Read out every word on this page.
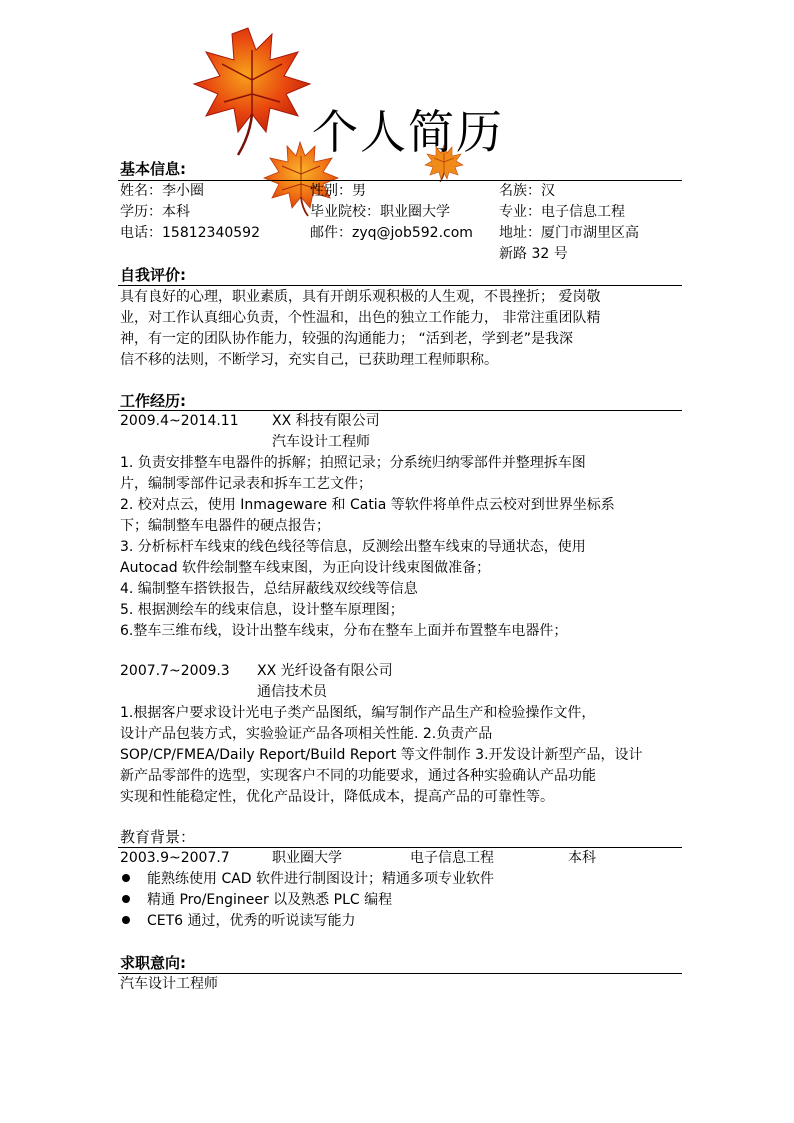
个人简历
基本信息:
姓名：李小圈	性别：男	名族：汉
学历：本科	毕业院校：职业圈大学	专业：电子信息工程
电话：15812340592	邮件：zyq@job592.com 地址：厦门市湖里区高
新路 32 号
自我评价:
具有良好的心理，职业素质，具有开朗乐观积极的人生观，不畏挫折； 爱岗敬
业，对工作认真细心负责，个性温和，出色的独立工作能力， 非常注重团队精
神，有一定的团队协作能力，较强的沟通能力； “活到老，学到老”是我深
信不移的法则，不断学习，充实自己，已获助理工程师职称。
工作经历:
2009.4~2014.11 XX 科技有限公司
汽车设计工程师
1. 负责安排整车电器件的拆解；拍照记录；分系统归纳零部件并整理拆车图
片，编制零部件记录表和拆车工艺文件；
2. 校对点云，使用 Inmageware 和 Catia 等软件将单件点云校对到世界坐标系
下；编制整车电器件的硬点报告；
3. 分析标杆车线束的线色线径等信息，反测绘出整车线束的导通状态，使用
Autocad 软件绘制整车线束图，为正向设计线束图做准备；
4. 编制整车搭铁报告，总结屏蔽线双绞线等信息
5. 根据测绘车的线束信息，设计整车原理图；
6.整车三维布线，设计出整车线束，分布在整车上面并布置整车电器件；
2007.7~2009.3 XX 光纤设备有限公司
通信技术员
1.根据客户要求设计光电子类产品图纸，编写制作产品生产和检验操作文件，
设计产品包装方式，实验验证产品各项相关性能. 2.负责产品
SOP/CP/FMEA/Daily Report/Build Report 等文件制作 3.开发设计新型产品，设计
新产品零部件的选型，实现客户不同的功能要求，通过各种实验确认产品功能
实现和性能稳定性，优化产品设计，降低成本，提高产品的可靠性等。
教育背景：
2003.9~2007.7	职业圈大学	电子信息工程	本科
能熟练使用 CAD 软件进行制图设计；精通多项专业软件
精通 Pro/Engineer 以及熟悉 PLC 编程
CET6 通过，优秀的听说读写能力
求职意向:
汽车设计工程师
